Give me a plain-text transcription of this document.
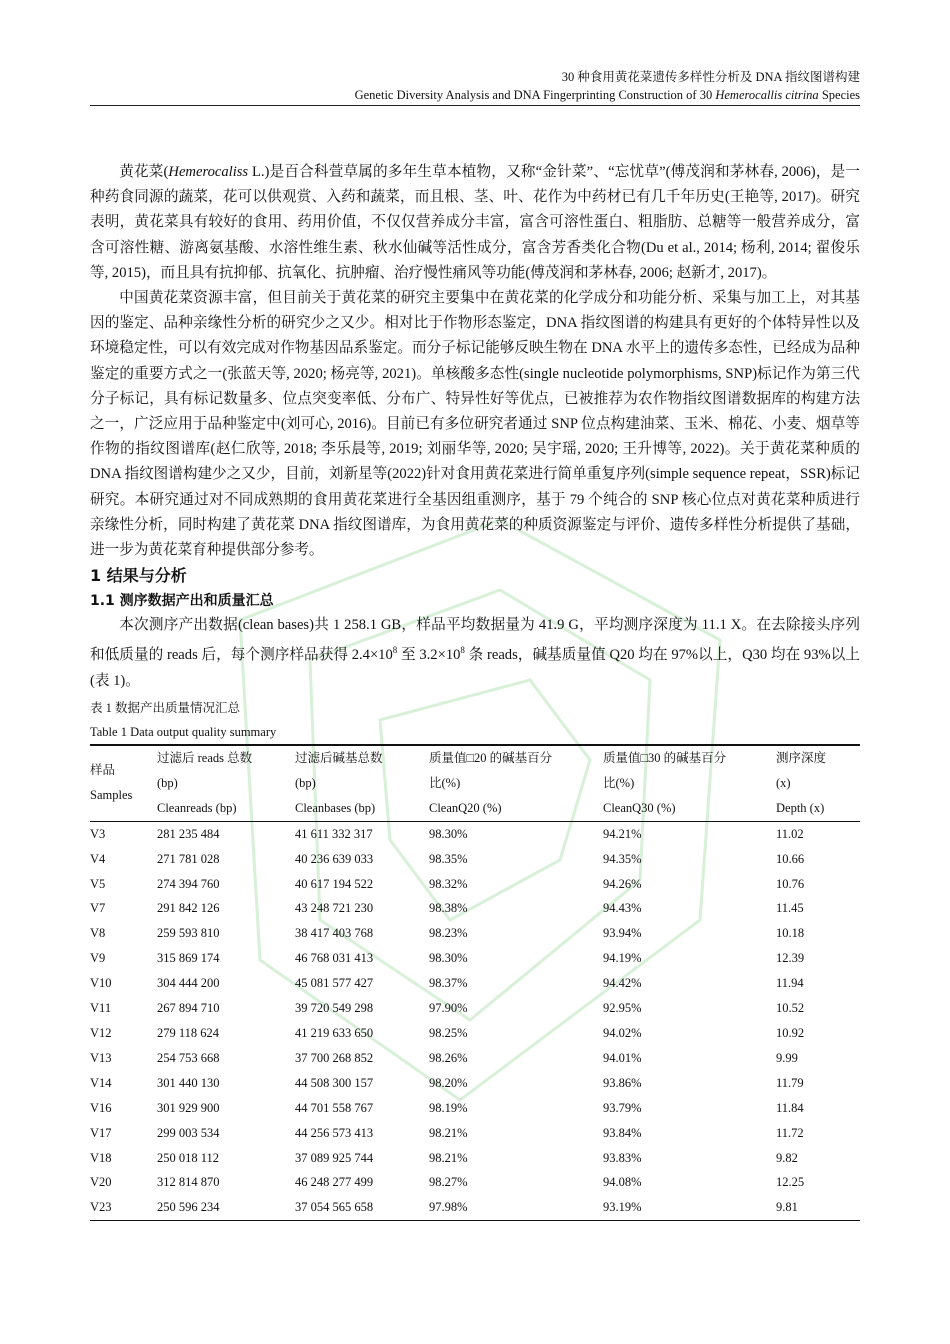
30 种食用黄花菜遗传多样性分析及 DNA 指纹图谱构建
Genetic Diversity Analysis and DNA Fingerprinting Construction of 30 Hemerocallis citrina Species

黄花菜(Hemerocaliss L.)是百合科萱草属的多年生草本植物，又称“金针菜”、“忘忧草”(傅茂润和茅林春, 2006)，是一种药食同源的蔬菜，花可以供观赏、入药和蔬菜，而且根、茎、叶、花作为中药材已有几千年历史(王艳等, 2017)。研究表明，黄花菜具有较好的食用、药用价值，不仅仅营养成分丰富，富含可溶性蛋白、粗脂肪、总糖等一般营养成分，富含可溶性糖、游离氨基酸、水溶性维生素、秋水仙碱等活性成分，富含芳香类化合物(Du et al., 2014; 杨利, 2014; 翟俊乐等, 2015)，而且具有抗抑郁、抗氧化、抗肿瘤、治疗慢性痛风等功能(傅茂润和茅林春, 2006; 赵新才, 2017)。

中国黄花菜资源丰富，但目前关于黄花菜的研究主要集中在黄花菜的化学成分和功能分析、采集与加工上，对其基因的鉴定、品种亲缘性分析的研究少之又少。相对比于作物形态鉴定，DNA 指纹图谱的构建具有更好的个体特异性以及环境稳定性，可以有效完成对作物基因品系鉴定。而分子标记能够反映生物在 DNA 水平上的遗传多态性，已经成为品种鉴定的重要方式之一(张蓝天等, 2020; 杨亮等, 2021)。单核酸多态性(single nucleotide polymorphisms, SNP)标记作为第三代分子标记，具有标记数量多、位点突变率低、分布广、特异性好等优点，已被推荐为农作物指纹图谱数据库的构建方法之一，广泛应用于品种鉴定中(刘可心, 2016)。目前已有多位研究者通过 SNP 位点构建油菜、玉米、棉花、小麦、烟草等作物的指纹图谱库(赵仁欣等, 2018; 李乐晨等, 2019; 刘丽华等, 2020; 吴宇瑶, 2020; 王升博等, 2022)。关于黄花菜种质的 DNA 指纹图谱构建少之又少，目前，刘新星等(2022)针对食用黄花菜进行简单重复序列(simple sequence repeat，SSR)标记研究。本研究通过对不同成熟期的食用黄花菜进行全基因组重测序，基于 79 个纯合的 SNP 核心位点对黄花菜种质进行亲缘性分析，同时构建了黄花菜 DNA 指纹图谱库，为食用黄花菜的种质资源鉴定与评价、遗传多样性分析提供了基础，进一步为黄花菜育种提供部分参考。

1 结果与分析
1.1 测序数据产出和质量汇总

本次测序产出数据(clean bases)共 1 258.1 GB，样品平均数据量为 41.9 G，平均测序深度为 11.1 X。在去除接头序列和低质量的 reads 后，每个测序样品获得 $2.4\times 10^8$ 至 $3.2\times 10^8$ 条 reads，碱基质量值 Q20 均在 97%以上，Q30 均在 93%以上(表 1)。

表 1 数据产出质量情况汇总
Table 1 Data output quality summary
样品
Samples	过滤后 reads 总数	过滤后碱基总数	质量值□20 的碱基百分	质量值□30 的碱基百分	测序深度
	(bp)	(bp)	比(%)	比(%)	(x)
	Cleanreads (bp)	Cleanbases (bp)	CleanQ20 (%)	CleanQ30 (%)	Depth (x)
V3	281 235 484	41 611 332 317	98.30%	94.21%	11.02
V4	271 781 028	40 236 639 033	98.35%	94.35%	10.66
V5	274 394 760	40 617 194 522	98.32%	94.26%	10.76
V7	291 842 126	43 248 721 230	98.38%	94.43%	11.45
V8	259 593 810	38 417 403 768	98.23%	93.94%	10.18
V9	315 869 174	46 768 031 413	98.30%	94.19%	12.39
V10	304 444 200	45 081 577 427	98.37%	94.42%	11.94
V11	267 894 710	39 720 549 298	97.90%	92.95%	10.52
V12	279 118 624	41 219 633 650	98.25%	94.02%	10.92
V13	254 753 668	37 700 268 852	98.26%	94.01%	9.99
V14	301 440 130	44 508 300 157	98.20%	93.86%	11.79
V16	301 929 900	44 701 558 767	98.19%	93.79%	11.84
V17	299 003 534	44 256 573 413	98.21%	93.84%	11.72
V18	250 018 112	37 089 925 744	98.21%	93.83%	9.82
V20	312 814 870	46 248 277 499	98.27%	94.08%	12.25
V23	250 596 234	37 054 565 658	97.98%	93.19%	9.81
